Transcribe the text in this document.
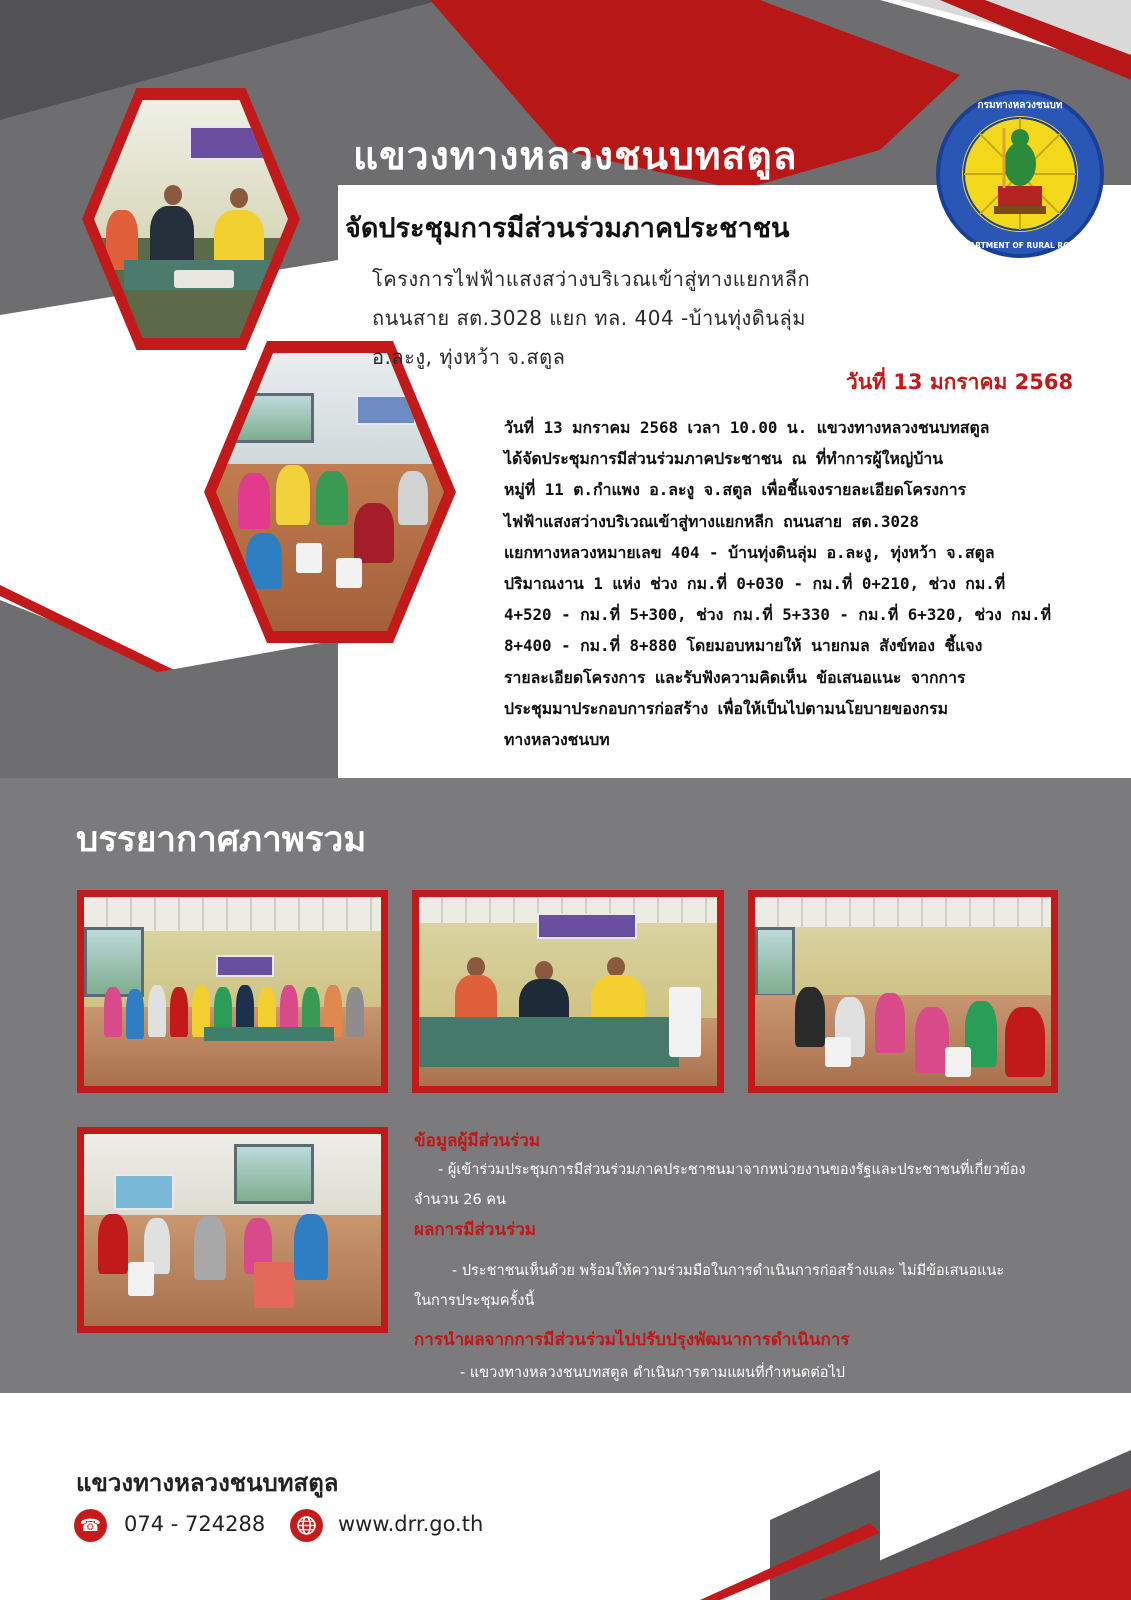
แขวงทางหลวงชนบทสตูล
จัดประชุมการมีส่วนร่วมภาคประชาชน
โครงการไฟฟ้าแสงสว่างบริเวณเข้าสู่ทางแยกหลีก
ถนนสาย สต.3028 แยก ทล. 404 -บ้านทุ่งดินลุ่ม
อ.ละงู, ทุ่งหว้า จ.สตูล
วันที่ 13 มกราคม 2568
กรมทางหลวงชนบท
DEPARTMENT OF RURAL ROADS
วันที่ 13 มกราคม 2568 เวลา 10.00 น. แขวงทางหลวงชนบทสตูล
ได้จัดประชุมการมีส่วนร่วมภาคประชาชน ณ ที่ทำการผู้ใหญ่บ้าน
หมู่ที่ 11 ต.กำแพง อ.ละงู จ.สตูล เพื่อชี้แจงรายละเอียดโครงการ
ไฟฟ้าแสงสว่างบริเวณเข้าสู่ทางแยกหลีก ถนนสาย สต.3028
แยกทางหลวงหมายเลข 404 - บ้านทุ่งดินลุ่ม อ.ละงู, ทุ่งหว้า จ.สตูล
ปริมาณงาน 1 แห่ง ช่วง กม.ที่ 0+030 - กม.ที่ 0+210, ช่วง กม.ที่
4+520 - กม.ที่ 5+300, ช่วง กม.ที่ 5+330 - กม.ที่ 6+320, ช่วง กม.ที่
8+400 - กม.ที่ 8+880 โดยมอบหมายให้ นายกมล สังข์ทอง ชี้แจง
รายละเอียดโครงการ และรับฟังความคิดเห็น ข้อเสนอแนะ จากการ
ประชุมมาประกอบการก่อสร้าง เพื่อให้เป็นไปตามนโยบายของกรม
ทางหลวงชนบท
บรรยากาศภาพรวม
ข้อมูลผู้มีส่วนร่วม
- ผู้เข้าร่วมประชุมการมีส่วนร่วมภาคประชาชนมาจากหน่วยงานของรัฐและประชาชนที่เกี่ยวข้อง
จำนวน 26 คน
ผลการมีส่วนร่วม
- ประชาชนเห็นด้วย พร้อมให้ความร่วมมือในการดำเนินการก่อสร้างและ ไม่มีข้อเสนอแนะ
ในการประชุมครั้งนี้
การนำผลจากการมีส่วนร่วมไปปรับปรุงพัฒนาการดำเนินการ
- แขวงทางหลวงชนบทสตูล ดำเนินการตามแผนที่กำหนดต่อไป
แขวงทางหลวงชนบทสตูล
☎ 074 - 724288	www.drr.go.th
